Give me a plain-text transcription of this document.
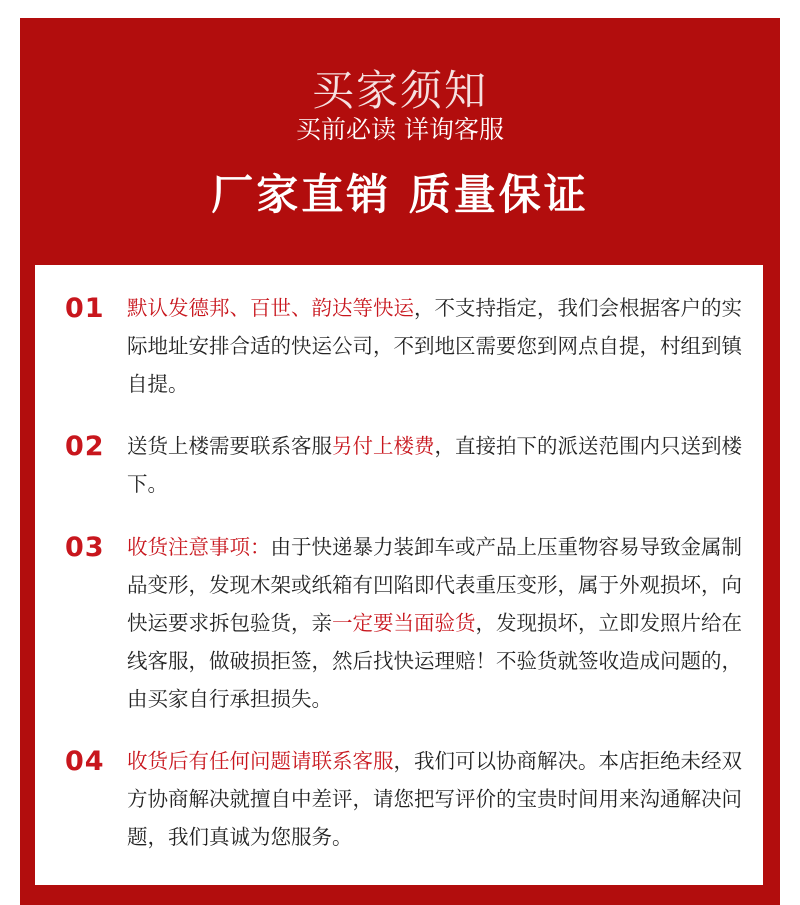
买家须知
买前必读 详询客服
厂家直销 质量保证
01 默认发德邦、百世、韵达等快运，不支持指定，我们会根据客户的实际地址安排合适的快运公司，不到地区需要您到网点自提，村组到镇自提。
02 送货上楼需要联系客服另付上楼费，直接拍下的派送范围内只送到楼下。
03 收货注意事项：由于快递暴力装卸车或产品上压重物容易导致金属制品变形，发现木架或纸箱有凹陷即代表重压变形，属于外观损坏，向快运要求拆包验货，亲一定要当面验货，发现损坏，立即发照片给在线客服，做破损拒签，然后找快运理赔！不验货就签收造成问题的，由买家自行承担损失。
04 收货后有任何问题请联系客服，我们可以协商解决。本店拒绝未经双方协商解决就擅自中差评，请您把写评价的宝贵时间用来沟通解决问题，我们真诚为您服务。
